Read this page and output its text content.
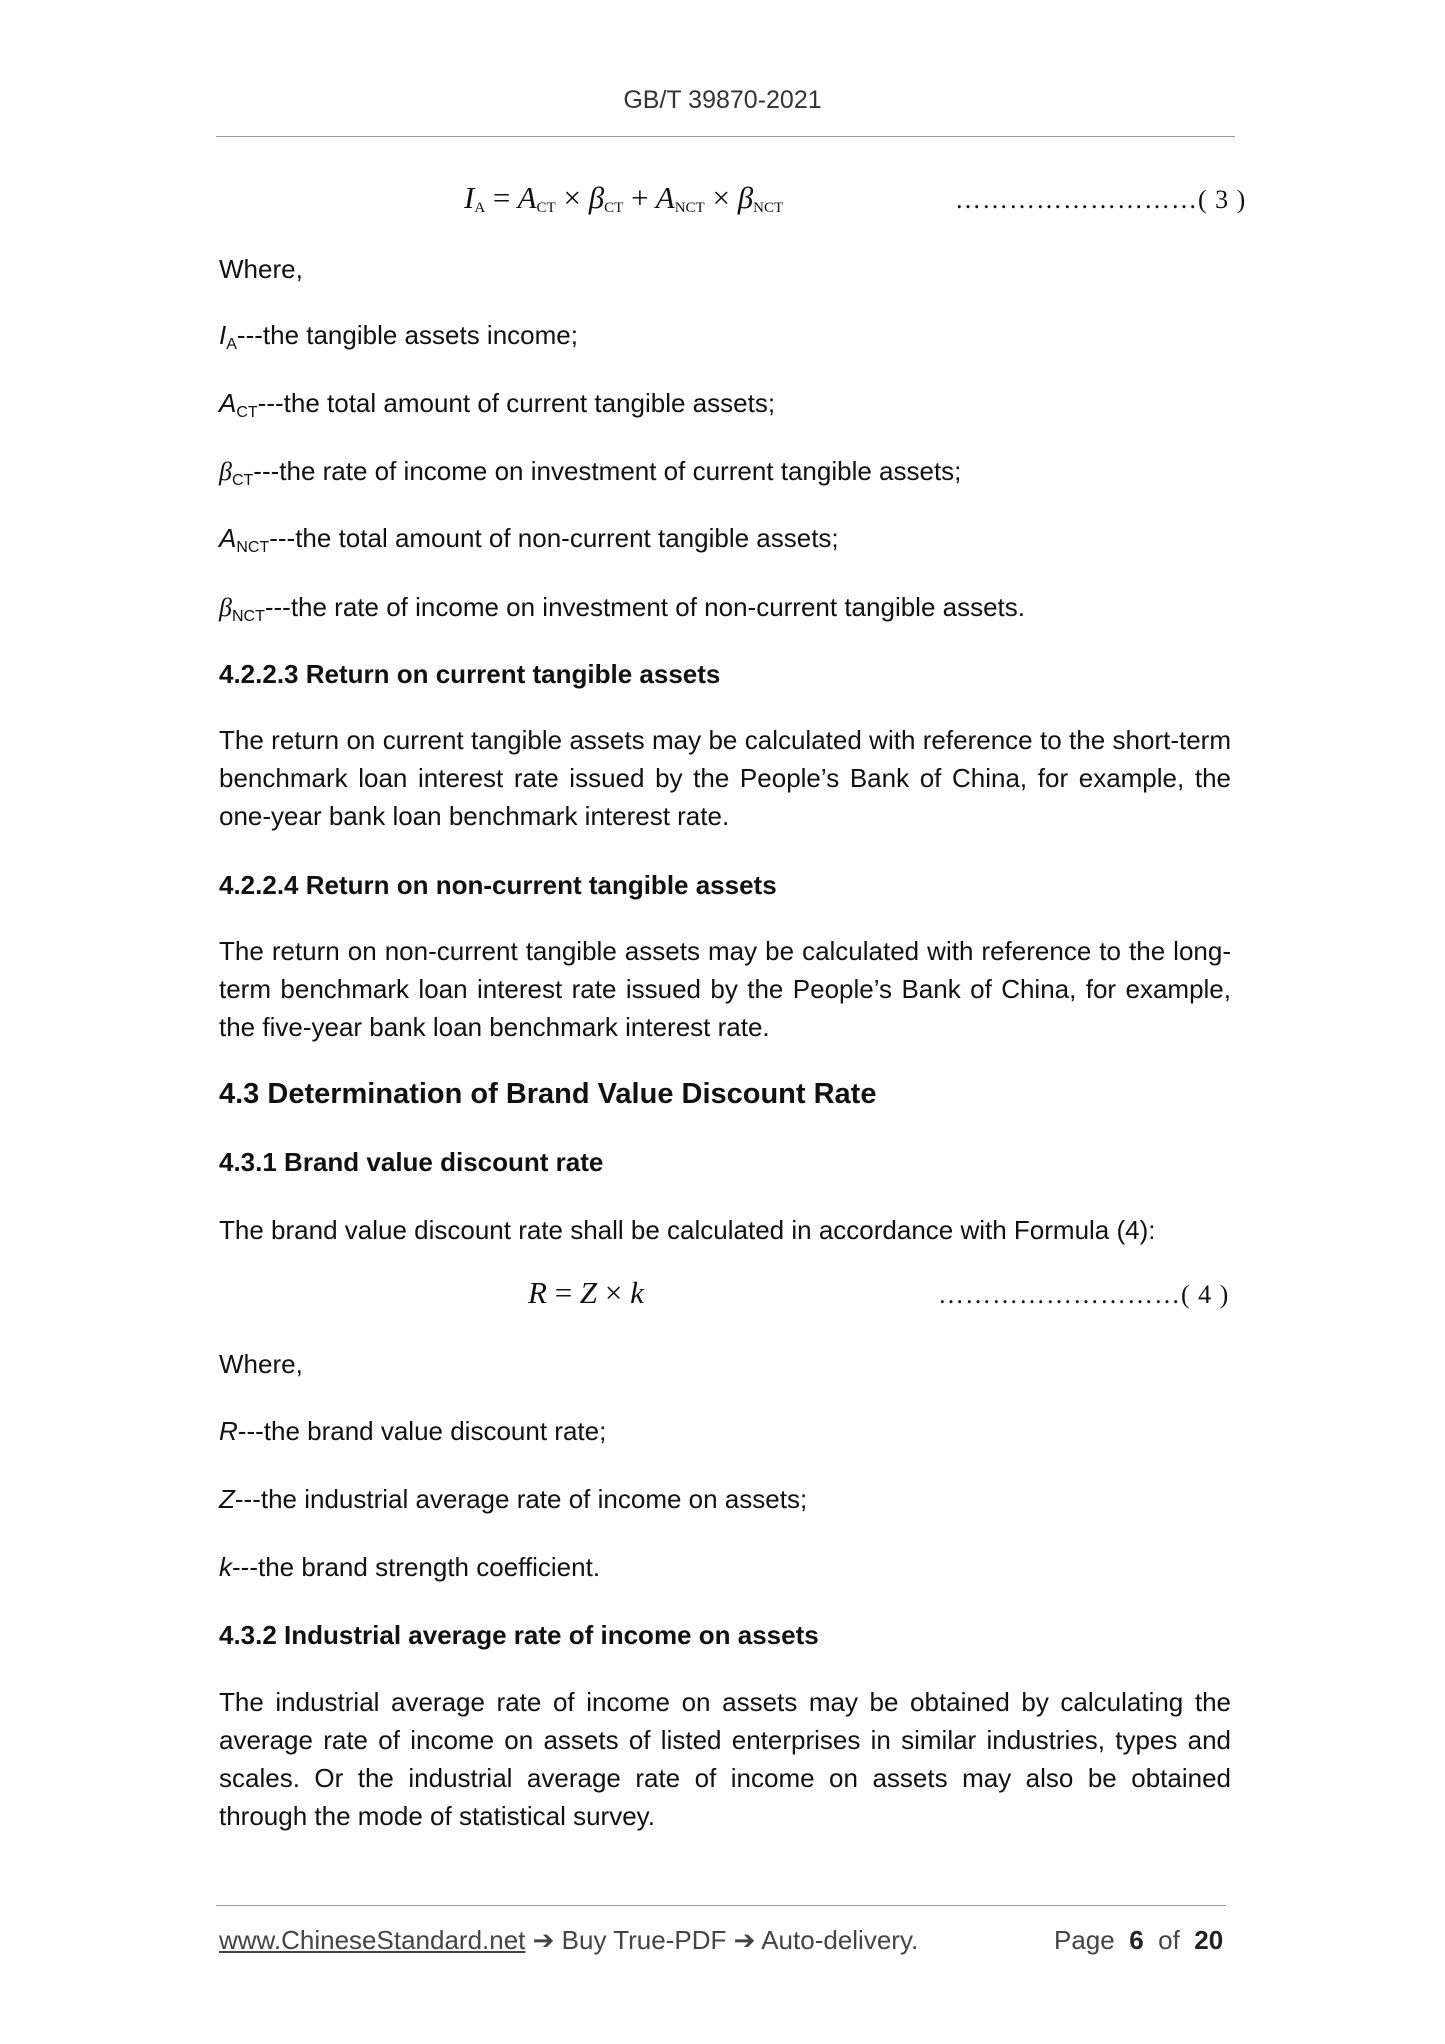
GB/T 39870-2021
$I_A = A_{CT} \times \beta_{CT} + A_{NCT} \times \beta_{NCT}$	………………………( 3 )
Where,
$I_A--$-the tangible assets income;
$A_{CT}--$-the total amount of current tangible assets;
$\beta_{CT}--$-the rate of income on investment of current tangible assets;
$A_{NCT}--$-the total amount of non-current tangible assets;
$\beta_{NCT}--$-the rate of income on investment of non-current tangible assets.
4.2.2.3 Return on current tangible assets
The return on current tangible assets may be calculated with reference to the short-term benchmark loan interest rate issued by the People’s Bank of China, for example, the one-year bank loan benchmark interest rate.
4.2.2.4 Return on non-current tangible assets
The return on non-current tangible assets may be calculated with reference to the long-term benchmark loan interest rate issued by the People’s Bank of China, for example, the five-year bank loan benchmark interest rate.
4.3 Determination of Brand Value Discount Rate
4.3.1 Brand value discount rate
The brand value discount rate shall be calculated in accordance with Formula (4):
R = Z × k	………………………( 4 )
Where,
R---the brand value discount rate;
Z---the industrial average rate of income on assets;
k---the brand strength coefficient.
4.3.2 Industrial average rate of income on assets
The industrial average rate of income on assets may be obtained by calculating the average rate of income on assets of listed enterprises in similar industries, types and scales. Or the industrial average rate of income on assets may also be obtained through the mode of statistical survey.
www.ChineseStandard.net ➔ Buy True-PDF ➔ Auto-delivery.	Page 6 of 20
